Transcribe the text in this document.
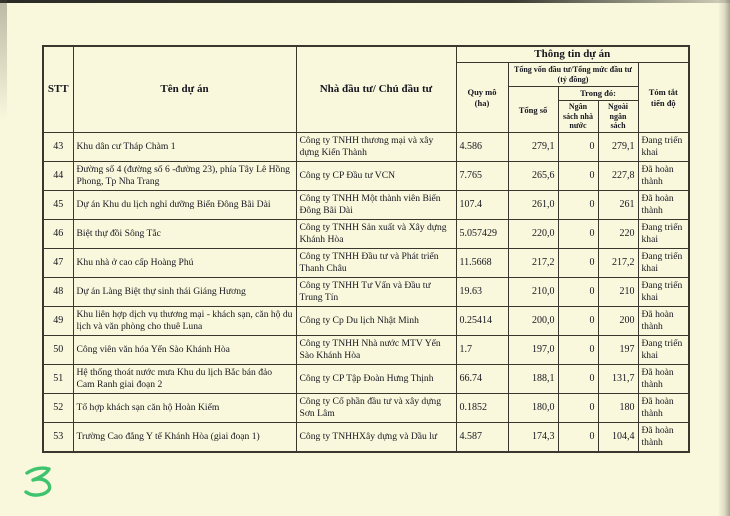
STT	Tên dự án	Nhà đầu tư/ Chủ đầu tư	Thông tin dự án				
			Quy mô (ha)	Tổng vốn đầu tư/Tổng mức đầu tư (tỷ đồng)			Tóm tắt tiến độ
				Tổng số	Trong đó:		
					Ngân sách nhà nước	Ngoài ngân sách	
43	Khu dân cư Tháp Chàm 1	Công ty TNHH thương mại và xây dựng Kiến Thành	4.586	279,1	0	279,1	Đang triển khai
44	Đường số 4 (đường số 6 -đường 23), phía Tây Lê Hồng Phong, Tp Nha Trang	Công ty CP Đầu tư VCN	7.765	265,6	0	227,8	Đã hoàn thành
45	Dự án Khu du lịch nghỉ dưỡng Biển Đông Bãi Dài	Công ty TNHH Một thành viên Biển Đông Bãi Dài	107.4	261,0	0	261	Đã hoàn thành
46	Biệt thự đồi Sông Tắc	Công ty TNHH Sản xuất và Xây dựng Khánh Hòa	5.057429	220,0	0	220	Đang triển khai
47	Khu nhà ở cao cấp Hoàng Phú	Công ty TNHH Đầu tư và Phát triển Thanh Châu	11.5668	217,2	0	217,2	Đang triển khai
48	Dự án Làng Biệt thự sinh thái Giáng Hương	Công ty TNHH Tư Vấn và Đầu tư Trung Tín	19.63	210,0	0	210	Đang triển khai
49	Khu liên hợp dịch vụ thương mại - khách sạn, căn hộ du lịch và văn phòng cho thuê Luna	Công ty Cp Du lịch Nhật Minh	0.25414	200,0	0	200	Đã hoàn thành
50	Công viên văn hóa Yến Sào Khánh Hòa	Công ty TNHH Nhà nước MTV Yến Sào Khánh Hòa	1.7	197,0	0	197	Đang triển khai
51	Hệ thống thoát nước mưa Khu du lịch Bắc bán đảo Cam Ranh giai đoạn 2	Công ty CP Tập Đoàn Hưng Thịnh	66.74	188,1	0	131,7	Đã hoàn thành
52	Tổ hợp khách sạn căn hộ Hoàn Kiếm	Công ty Cổ phần đầu tư và xây dựng Sơn Lâm	0.1852	180,0	0	180	Đã hoàn thành
53	Trường Cao đẳng Y tế Khánh Hòa (giai đoạn 1)	Công ty TNHHXây dựng và Dầu lư	4.587	174,3	0	104,4	Đã hoàn thành
